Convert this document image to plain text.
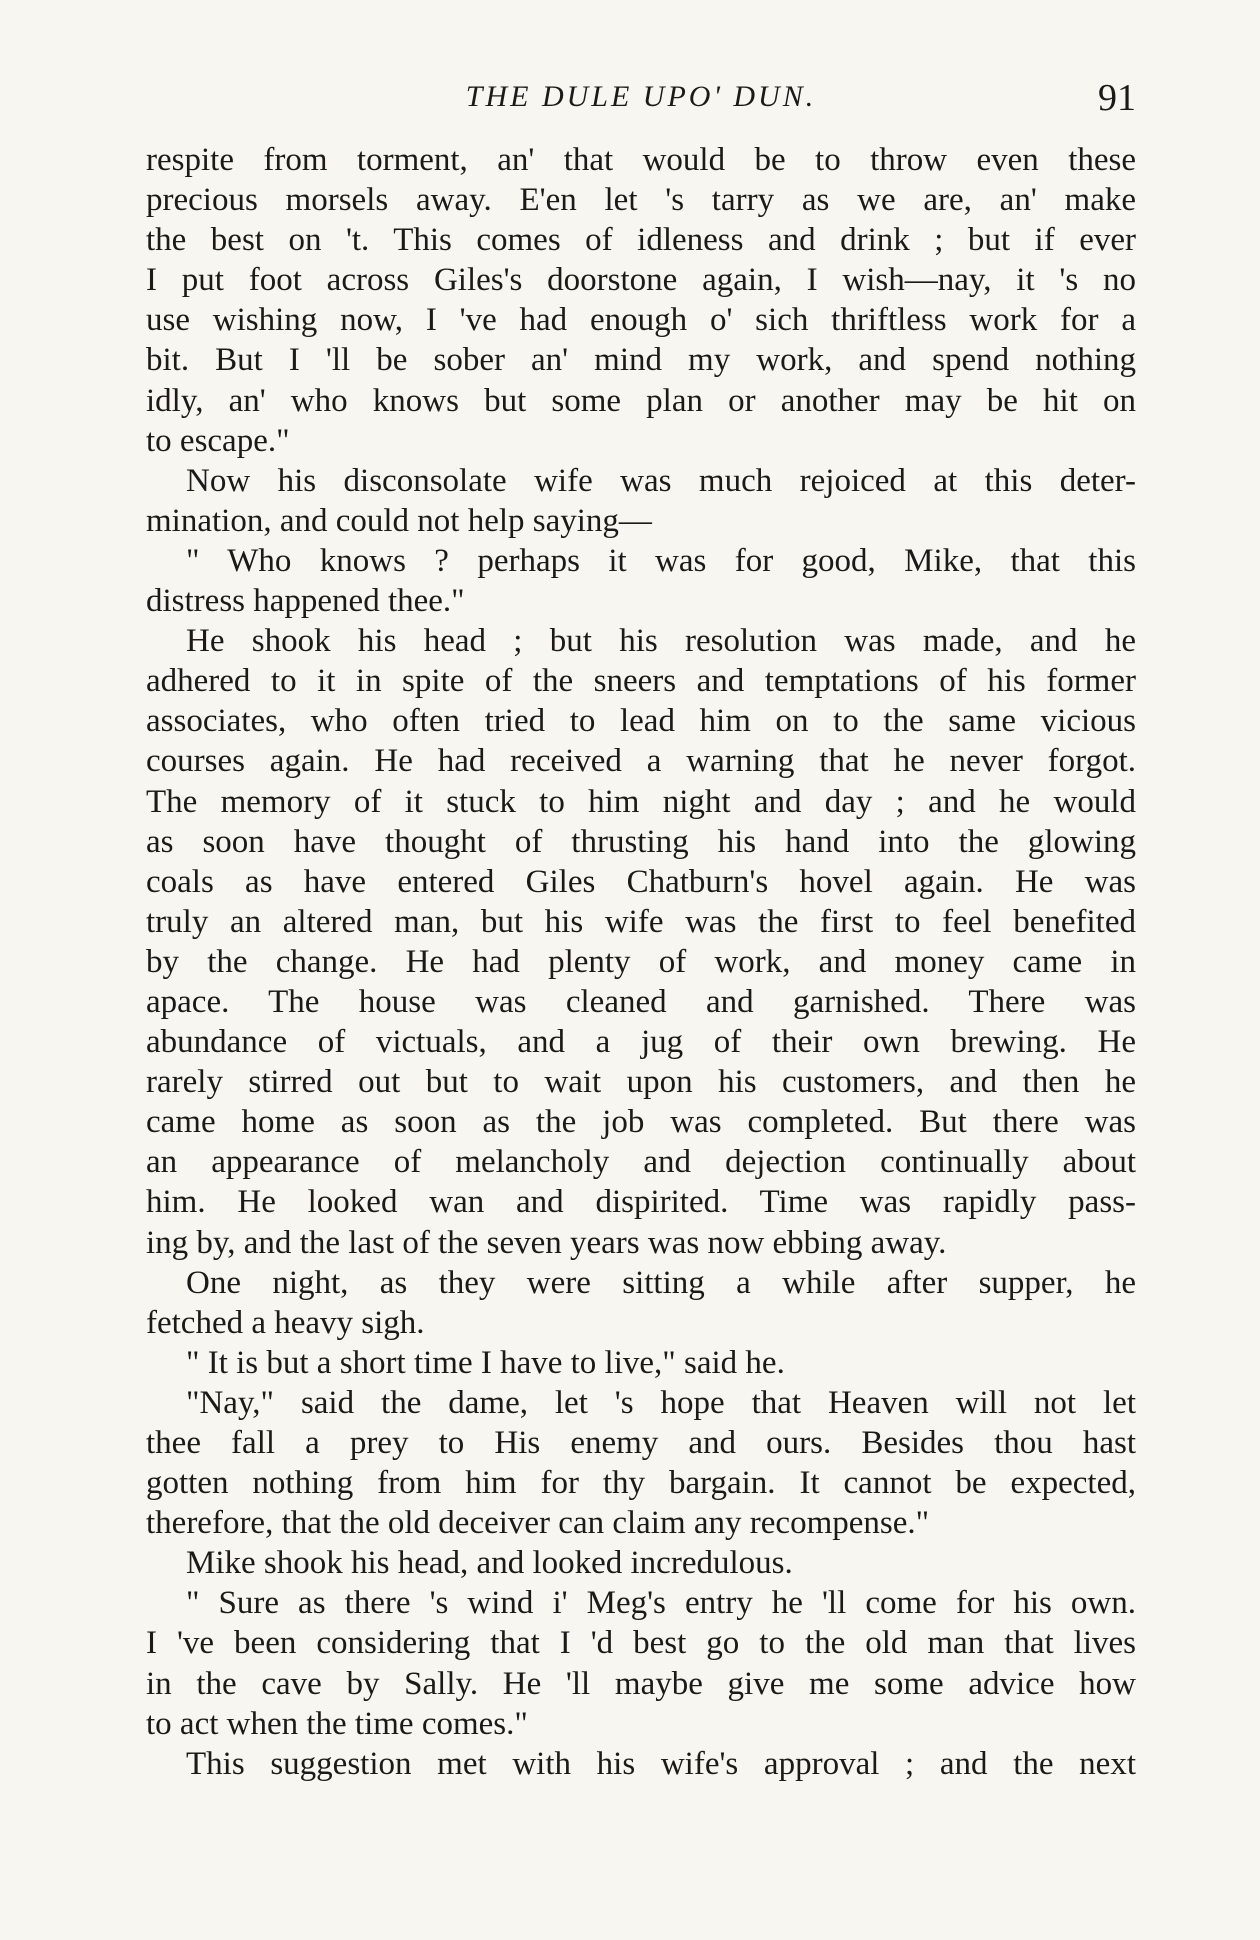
THE DULE UPO' DUN.	91
respite from torment, an' that would be to throw even these
precious morsels away. E'en let 's tarry as we are, an' make
the best on 't. This comes of idleness and drink ; but if ever
I put foot across Giles's doorstone again, I wish—nay, it 's no
use wishing now, I 've had enough o' sich thriftless work for a
bit. But I 'll be sober an' mind my work, and spend nothing
idly, an' who knows but some plan or another may be hit on
to escape."
Now his disconsolate wife was much rejoiced at this deter-
mination, and could not help saying—
" Who knows ? perhaps it was for good, Mike, that this
distress happened thee."
He shook his head ; but his resolution was made, and he
adhered to it in spite of the sneers and temptations of his former
associates, who often tried to lead him on to the same vicious
courses again. He had received a warning that he never forgot.
The memory of it stuck to him night and day ; and he would
as soon have thought of thrusting his hand into the glowing
coals as have entered Giles Chatburn's hovel again. He was
truly an altered man, but his wife was the first to feel benefited
by the change. He had plenty of work, and money came in
apace. The house was cleaned and garnished. There was
abundance of victuals, and a jug of their own brewing. He
rarely stirred out but to wait upon his customers, and then he
came home as soon as the job was completed. But there was
an appearance of melancholy and dejection continually about
him. He looked wan and dispirited. Time was rapidly pass-
ing by, and the last of the seven years was now ebbing away.
One night, as they were sitting a while after supper, he
fetched a heavy sigh.
" It is but a short time I have to live," said he.
"Nay," said the dame, let 's hope that Heaven will not let
thee fall a prey to His enemy and ours. Besides thou hast
gotten nothing from him for thy bargain. It cannot be expected,
therefore, that the old deceiver can claim any recompense."
Mike shook his head, and looked incredulous.
" Sure as there 's wind i' Meg's entry he 'll come for his own.
I 've been considering that I 'd best go to the old man that lives
in the cave by Sally. He 'll maybe give me some advice how
to act when the time comes."
This suggestion met with his wife's approval ; and the next
